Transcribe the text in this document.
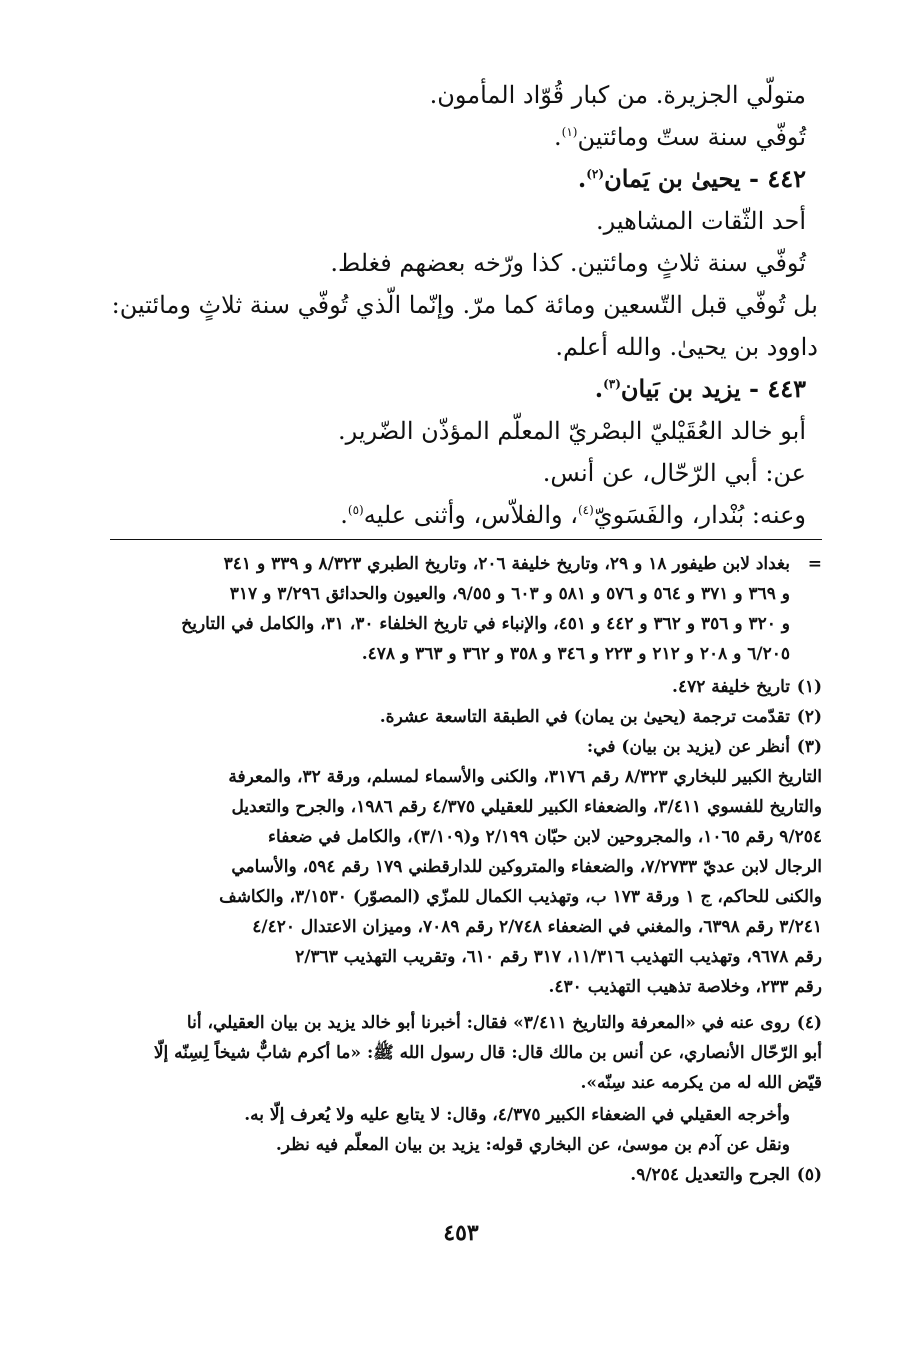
متولّي الجزيرة. من كبار قُوّاد المأمون.
تُوفّي سنة ستّ ومائتين$^{(١)}$.
٤٤٢ - يحيىٰ بن يَمان$^{(٢)}$.
أحد الثّقات المشاهير.
تُوفّي سنة ثلاثٍ ومائتين. كذا ورّخه بعضهم فغلط.
بل تُوفّي قبل التّسعين ومائة كما مرّ. وإنّما الّذي تُوفّي سنة ثلاثٍ ومائتين:
داوود بن يحيىٰ. والله أعلم.
٤٤٣ - يزيد بن بَيان$^{(٣)}$.
أبو خالد العُقَيْليّ البصْريّ المعلّم المؤذّن الضّرير.
عن: أبي الرّحّال، عن أنس.
وعنه: بُنْدار، والفَسَويّ$^{(٤)}$، والفلاّس، وأثنى عليه$^{(٥)}$.
=
بغداد لابن طيفور ١٨ و ٢٩، وتاريخ خليفة ٢٠٦، وتاريخ الطبري ٨/٣٢٣ و ٣٣٩ و ٣٤١
و ٣٦٩ و ٣٧١ و ٥٦٤ و ٥٧٦ و ٥٨١ و ٦٠٣ و ٩/٥٥، والعيون والحدائق ٣/٢٩٦ و ٣١٧
و ٣٢٠ و ٣٥٦ و ٣٦٢ و ٤٤٢ و ٤٥١، والإنباء في تاريخ الخلفاء ٣٠، ٣١، والكامل في التاريخ
٦/٢٠٥ و ٢٠٨ و ٢١٢ و ٢٢٣ و ٣٤٦ و ٣٥٨ و ٣٦٢ و ٣٦٣ و ٤٧٨.
(١)
تاريخ خليفة ٤٧٢.
(٢)
تقدّمت ترجمة (يحيىٰ بن يمان) في الطبقة التاسعة عشرة.
(٣)
أنظر عن (يزيد بن بيان) في:
التاريخ الكبير للبخاري ٨/٣٢٣ رقم ٣١٧٦، والكنى والأسماء لمسلم، ورقة ٣٢، والمعرفة
والتاريخ للفسوي ٣/٤١١، والضعفاء الكبير للعقيلي ٤/٣٧٥ رقم ١٩٨٦، والجرح والتعديل
٩/٢٥٤ رقم ١٠٦٥، والمجروحين لابن حبّان ٢/١٩٩ و(٣/١٠٩)، والكامل في ضعفاء
الرجال لابن عديّ ٧/٢٧٣٣، والضعفاء والمتروكين للدارقطني ١٧٩ رقم ٥٩٤، والأسامي
والكنى للحاكم، ج ١ ورقة ١٧٣ ب، وتهذيب الكمال للمزّي (المصوّر) ٣/١٥٣٠، والكاشف
٣/٢٤١ رقم ٦٣٩٨، والمغني في الضعفاء ٢/٧٤٨ رقم ٧٠٨٩، وميزان الاعتدال ٤/٤٢٠
رقم ٩٦٧٨، وتهذيب التهذيب ١١/٣١٦، ٣١٧ رقم ٦١٠، وتقريب التهذيب ٢/٣٦٣
رقم ٢٣٣، وخلاصة تذهيب التهذيب ٤٣٠.
(٤)
روى عنه في «المعرفة والتاريخ ٣/٤١١» فقال: أخبرنا أبو خالد يزيد بن بيان العقيلي، أنا
أبو الرّحّال الأنصاري، عن أنس بن مالك قال: قال رسول الله ﷺ: «ما أكرم شابٌّ شيخاً لِسِنّه إلّا
قيّض الله له من يكرمه عند سِنّه».
وأخرجه العقيلي في الضعفاء الكبير ٤/٣٧٥، وقال: لا يتابع عليه ولا يُعرف إلّا به.
ونقل عن آدم بن موسىٰ، عن البخاري قوله: يزيد بن بيان المعلّم فيه نظر.
(٥)
الجرح والتعديل ٩/٢٥٤.
٤٥٣
